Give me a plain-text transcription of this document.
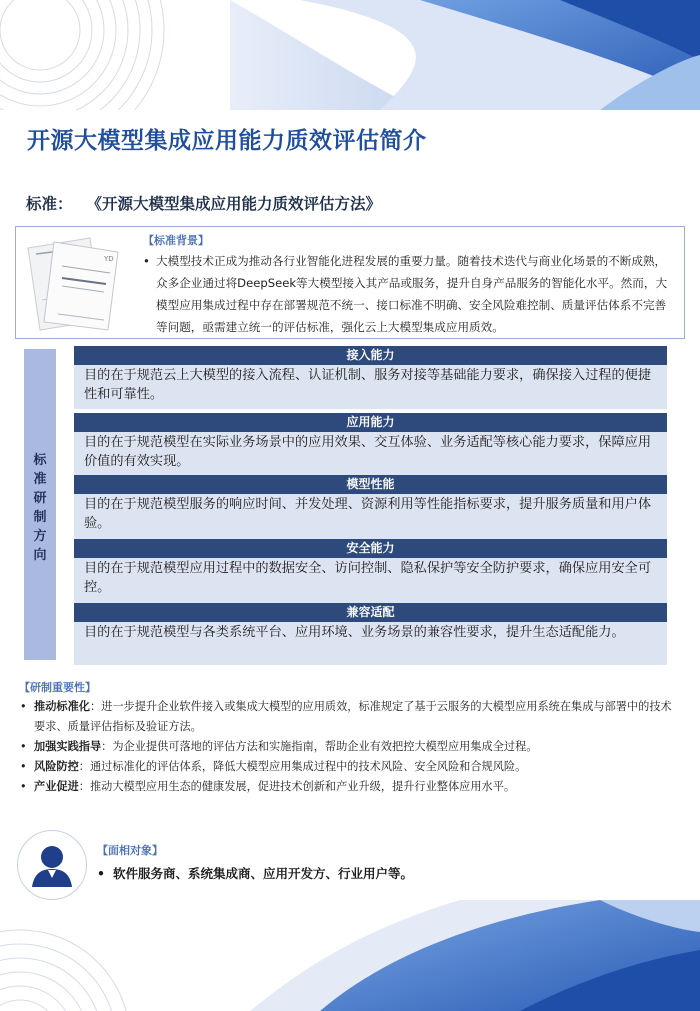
开源大模型集成应用能力质效评估简介
标准： 《开源大模型集成应用能力质效评估方法》
YD
【标准背景】
• 大模型技术正成为推动各行业智能化进程发展的重要力量。随着技术迭代与商业化场景的不断成熟，众多企业通过将DeepSeek等大模型接入其产品或服务，提升自身产品服务的智能化水平。然而，大模型应用集成过程中存在部署规范不统一、接口标准不明确、安全风险难控制、质量评估体系不完善等问题，亟需建立统一的评估标准，强化云上大模型集成应用质效。
标
准
研
制
方
向
接入能力
目的在于规范云上大模型的接入流程、认证机制、服务对接等基础能力要求，确保接入过程的便捷性和可靠性。
应用能力
目的在于规范模型在实际业务场景中的应用效果、交互体验、业务适配等核心能力要求，保障应用价值的有效实现。
模型性能
目的在于规范模型服务的响应时间、并发处理、资源利用等性能指标要求，提升服务质量和用户体验。
安全能力
目的在于规范模型应用过程中的数据安全、访问控制、隐私保护等安全防护要求，确保应用安全可控。
兼容适配
目的在于规范模型与各类系统平台、应用环境、业务场景的兼容性要求，提升生态适配能力。
【研制重要性】
• 推动标准化：进一步提升企业软件接入或集成大模型的应用质效，标准规定了基于云服务的大模型应用系统在集成与部署中的技术要求、质量评估指标及验证方法。
• 加强实践指导：为企业提供可落地的评估方法和实施指南，帮助企业有效把控大模型应用集成全过程。
• 风险防控：通过标准化的评估体系，降低大模型应用集成过程中的技术风险、安全风险和合规风险。
• 产业促进：推动大模型应用生态的健康发展，促进技术创新和产业升级，提升行业整体应用水平。
【面相对象】
• 软件服务商、系统集成商、应用开发方、行业用户等。
